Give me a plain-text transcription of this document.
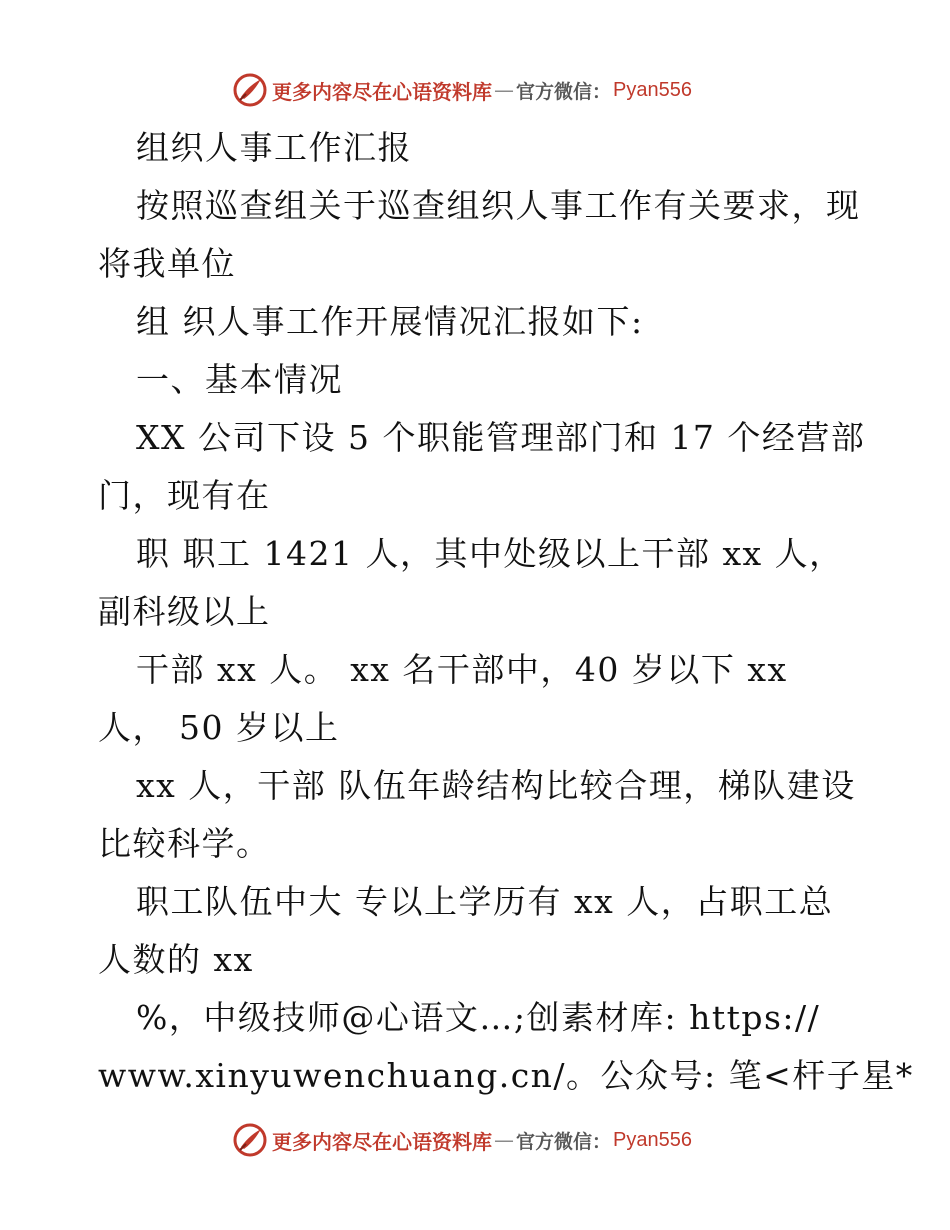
更多内容尽在心语资料库 — 官方微信： Pyan556
组织人事工作汇报
按照巡查组关于巡查组织人事工作有关要求，现
将我单位
组 织人事工作开展情况汇报如下:
一、基本情况
XX 公司下设 5 个职能管理部门和 17 个经营部
门，现有在
职 职工 1421 人，其中处级以上干部 xx 人，
副科级以上
干部 xx 人。 xx 名干部中，40 岁以下 xx
人， 50 岁以上
xx 人，干部 队伍年龄结构比较合理，梯队建设
比较科学。
职工队伍中大 专以上学历有 xx 人，占职工总
人数的 xx
%，中级技师@心语文…;创素材库: https://
www.xinyuwenchuang.cn/。公众号: 笔<杆子星*
更多内容尽在心语资料库 — 官方微信： Pyan556
